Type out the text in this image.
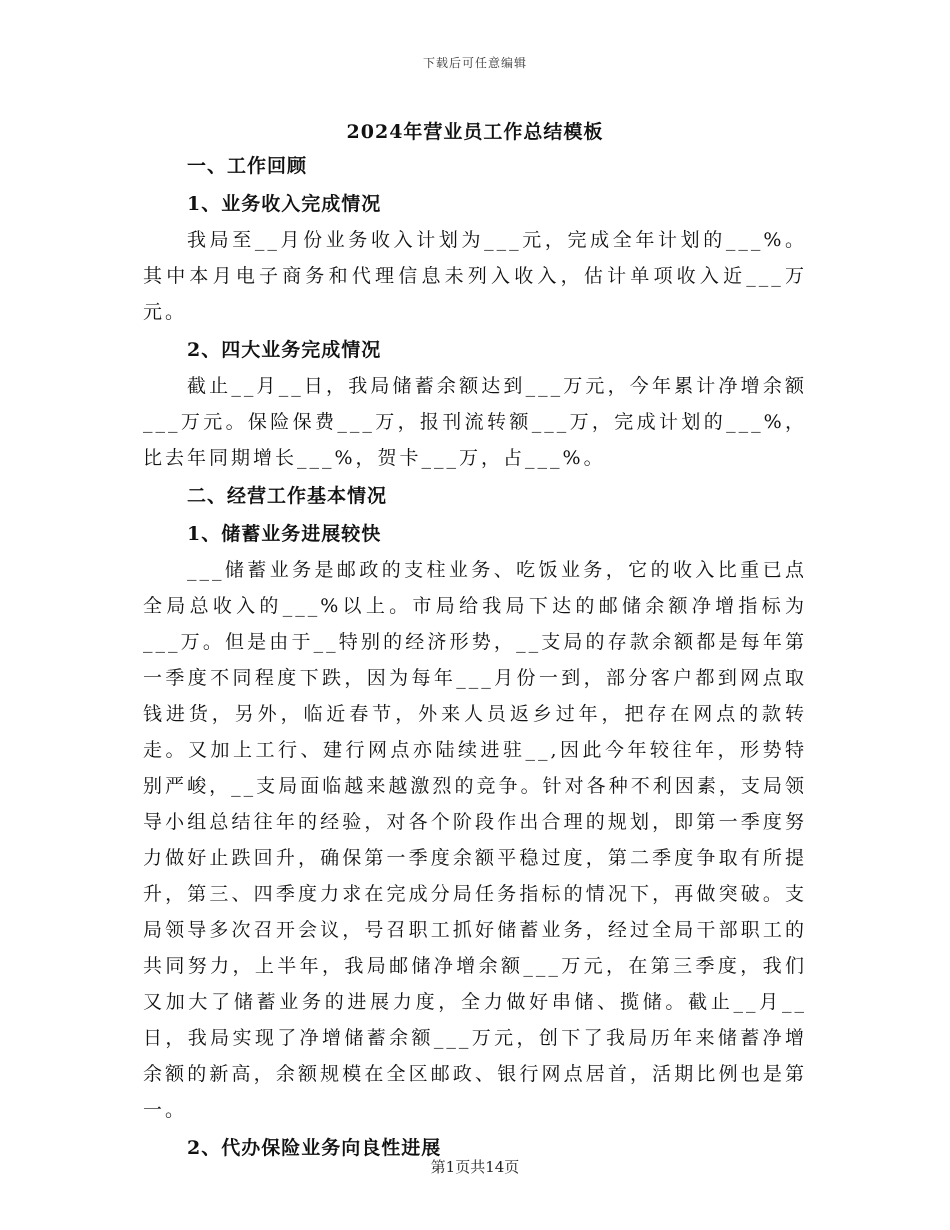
下载后可任意编辑
2024年营业员工作总结模板

一、工作回顾

1、业务收入完成情况

我局至__月份业务收入计划为___元，完成全年计划的___%。其中本月电子商务和代理信息未列入收入，估计单项收入近___万元。

2、四大业务完成情况

截止__月__日，我局储蓄余额达到___万元，今年累计净增余额___万元。保险保费___万，报刊流转额___万，完成计划的___%，比去年同期增长___%，贺卡___万，占___%。

二、经营工作基本情况

1、储蓄业务进展较快

___储蓄业务是邮政的支柱业务、吃饭业务，它的收入比重已点全局总收入的___%以上。市局给我局下达的邮储余额净增指标为___万。但是由于__特别的经济形势，__支局的存款余额都是每年第一季度不同程度下跌，因为每年___月份一到，部分客户都到网点取钱进货，另外，临近春节，外来人员返乡过年，把存在网点的款转走。又加上工行、建行网点亦陆续进驻__,因此今年较往年，形势特别严峻，__支局面临越来越激烈的竞争。针对各种不利因素，支局领导小组总结往年的经验，对各个阶段作出合理的规划，即第一季度努力做好止跌回升，确保第一季度余额平稳过度，第二季度争取有所提升，第三、四季度力求在完成分局任务指标的情况下，再做突破。支局领导多次召开会议，号召职工抓好储蓄业务，经过全局干部职工的共同努力，上半年，我局邮储净增余额___万元，在第三季度，我们又加大了储蓄业务的进展力度，全力做好串储、揽储。截止__月__日，我局实现了净增储蓄余额___万元，创下了我局历年来储蓄净增余额的新高，余额规模在全区邮政、银行网点居首，活期比例也是第一。

2、代办保险业务向良性进展

第1页共14页
